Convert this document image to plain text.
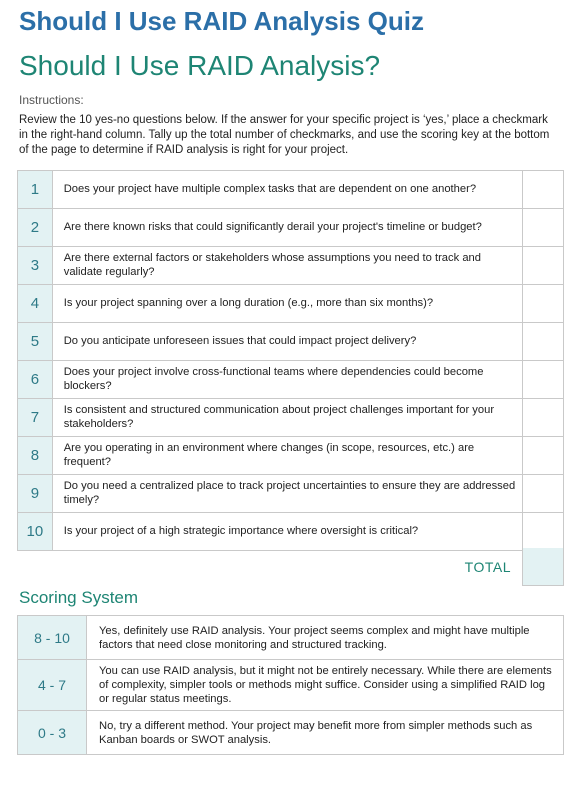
Should I Use RAID Analysis Quiz
Should I Use RAID Analysis?
Instructions:

Review the 10 yes-no questions below. If the answer for your specific project is ‘yes,’ place a checkmark in the right-hand column. Tally up the total number of checkmarks, and use the scoring key at the bottom of the page to determine if RAID analysis is right for your project.

1	Does your project have multiple complex tasks that are dependent on one another?	

2	Are there known risks that could significantly derail your project's timeline or budget?	

3	Are there external factors or stakeholders whose assumptions you need to track and validate regularly?	

4	Is your project spanning over a long duration (e.g., more than six months)?	

5	Do you anticipate unforeseen issues that could impact project delivery?	

6	Does your project involve cross-functional teams where dependencies could become blockers?	

7	Is consistent and structured communication about project challenges important for your stakeholders?	

8	Are you operating in an environment where changes (in scope, resources, etc.) are frequent?	

9	Do you need a centralized place to track project uncertainties to ensure they are addressed timely?	

10	Is your project of a high strategic importance where oversight is critical?	
TOTAL
Scoring System
8 - 10	Yes, definitely use RAID analysis. Your project seems complex and might have multiple factors that need close monitoring and structured tracking.
4 - 7	You can use RAID analysis, but it might not be entirely necessary. While there are elements of complexity, simpler tools or methods might suffice. Consider using a simplified RAID log or regular status meetings.
0 - 3	No, try a different method. Your project may benefit more from simpler methods such as Kanban boards or SWOT analysis.
